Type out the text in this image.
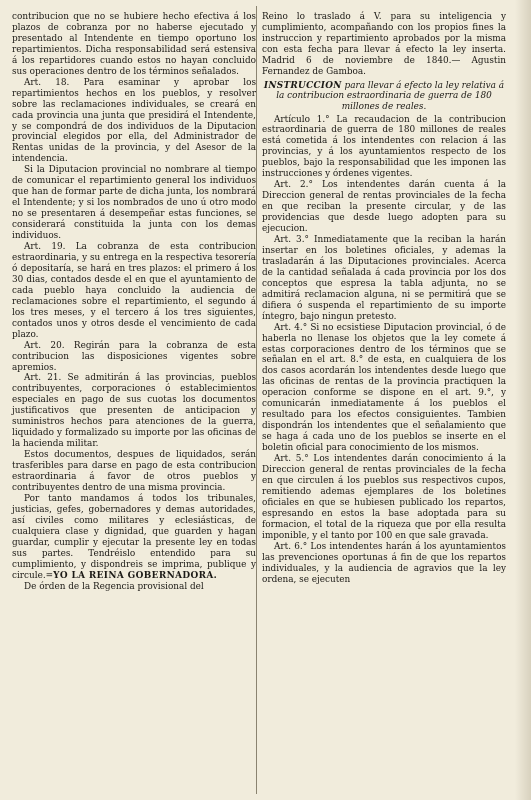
contribucion que no se hubiere hecho efectiva á los plazos de cobranza por no haberse ejecutado y presentado al Intendente en tiempo oportuno los repartimientos. Dicha responsabilidad será estensiva á los repartidores cuando estos no hayan concluido sus operaciones dentro de los términos señalados.

Art. 18. Para esaminar y aprobar los repartimientos hechos en los pueblos, y resolver sobre las reclamaciones individuales, se creará en cada provincia una junta que presidirá el Intendente, y se compondrá de dos individuos de la Diputacion provincial elegidos por ella, del Administrador de Rentas unidas de la provincia, y del Asesor de la intendencia.

Si la Diputacion provincial no nombrare al tiempo de comunicar el repartimiento general los individuos que han de formar parte de dicha junta, los nombrará el Intendente; y si los nombrados de uno ú otro modo no se presentaren á desempeñar estas funciones, se considerará constituida la junta con los demas individuos.

Art. 19. La cobranza de esta contribucion estraordinaria, y su entrega en la respectiva tesorería ó depositaría, se hará en tres plazos: el primero á los 30 dias, contados desde el en que el ayuntamiento de cada pueblo haya concluido la audiencia de reclamaciones sobre el repartimiento, el segundo á los tres meses, y el tercero á los tres siguientes, contados unos y otros desde el vencimiento de cada plazo.

Art. 20. Regirán para la cobranza de esta contribucion las disposiciones vigentes sobre apremios.

Art. 21. Se admitirán á las provincias, pueblos contribuyentes, corporaciones ó establecimientos especiales en pago de sus cuotas los documentos justificativos que presenten de anticipacion y suministros hechos para atenciones de la guerra, liquidado y formalizado su importe por las oficinas de la hacienda militar.

Estos documentos, despues de liquidados, serán trasferibles para darse en pago de esta contribucion estraordinaria á favor de otros pueblos y contribuyentes dentro de una misma provincia.

Por tanto mandamos á todos los tribunales, justicias, gefes, gobernadores y demas autoridades, así civiles como militares y eclesiásticas, de cualquiera clase y dignidad, que guarden y hagan guardar, cumplir y ejecutar la presente ley en todas sus partes. Tendréislo entendido para su cumplimiento, y dispondreis se imprima, publique y circule.=YO LA REINA GOBERNADORA.

De órden de la Regencia provisional del

Reino lo traslado á V. para su inteligencia y cumplimiento, acompañando con los propios fines la instruccion y repartimiento aprobados por la misma con esta fecha para llevar á efecto la ley inserta. Madrid 6 de noviembre de 1840.— Agustin Fernandez de Gamboa.

INSTRUCCION para llevar á efecto la ley relativa á la contribucion estraordinaria de guerra de 180 millones de reales.

Artículo 1.° La recaudacion de la contribucion estraordinaria de guerra de 180 millones de reales está cometida á los intendentes con relacion á las provincias, y á los ayuntamientos respecto de los pueblos, bajo la responsabilidad que les imponen las instrucciones y órdenes vigentes.

Art. 2.° Los intendentes darán cuenta á la Direccion general de rentas provinciales de la fecha en que reciban la presente circular, y de las providencias que desde luego adopten para su ejecucion.

Art. 3.° Inmediatamente que la reciban la harán insertar en los boletines oficiales, y ademas la trasladarán á las Diputaciones provinciales. Acerca de la cantidad señalada á cada provincia por los dos conceptos que espresa la tabla adjunta, no se admitirá reclamacion alguna, ni se permitirá que se difiera ó suspenda el repartimiento de su importe íntegro, bajo ningun pretesto.

Art. 4.° Si no ecsistiese Diputacion provincial, ó de haberla no llenase los objetos que la ley comete á estas corporaciones dentro de los términos que se señalan en el art. 8.° de esta, en cualquiera de los dos casos acordarán los intendentes desde luego que las oficinas de rentas de la provincia practiquen la operacion conforme se dispone en el art. 9.°, y comunicarán inmediatamente á los pueblos el resultado para los efectos consiguientes. Tambien dispondrán los intendentes que el señalamiento que se haga á cada uno de los pueblos se inserte en el boletin oficial para conocimiento de los mismos.

Art. 5.° Los intendentes darán conocimiento á la Direccion general de rentas provinciales de la fecha en que circulen á los pueblos sus respectivos cupos, remitiendo ademas ejemplares de los boletines oficiales en que se hubiesen publicado los repartos, espresando en estos la base adoptada para su formacion, el total de la riqueza que por ella resulta imponible, y el tanto por 100 en que sale gravada.

Art. 6.° Los intendentes harán á los ayuntamientos las prevenciones oportunas á fin de que los repartos individuales, y la audiencia de agravios que la ley ordena, se ejecuten
